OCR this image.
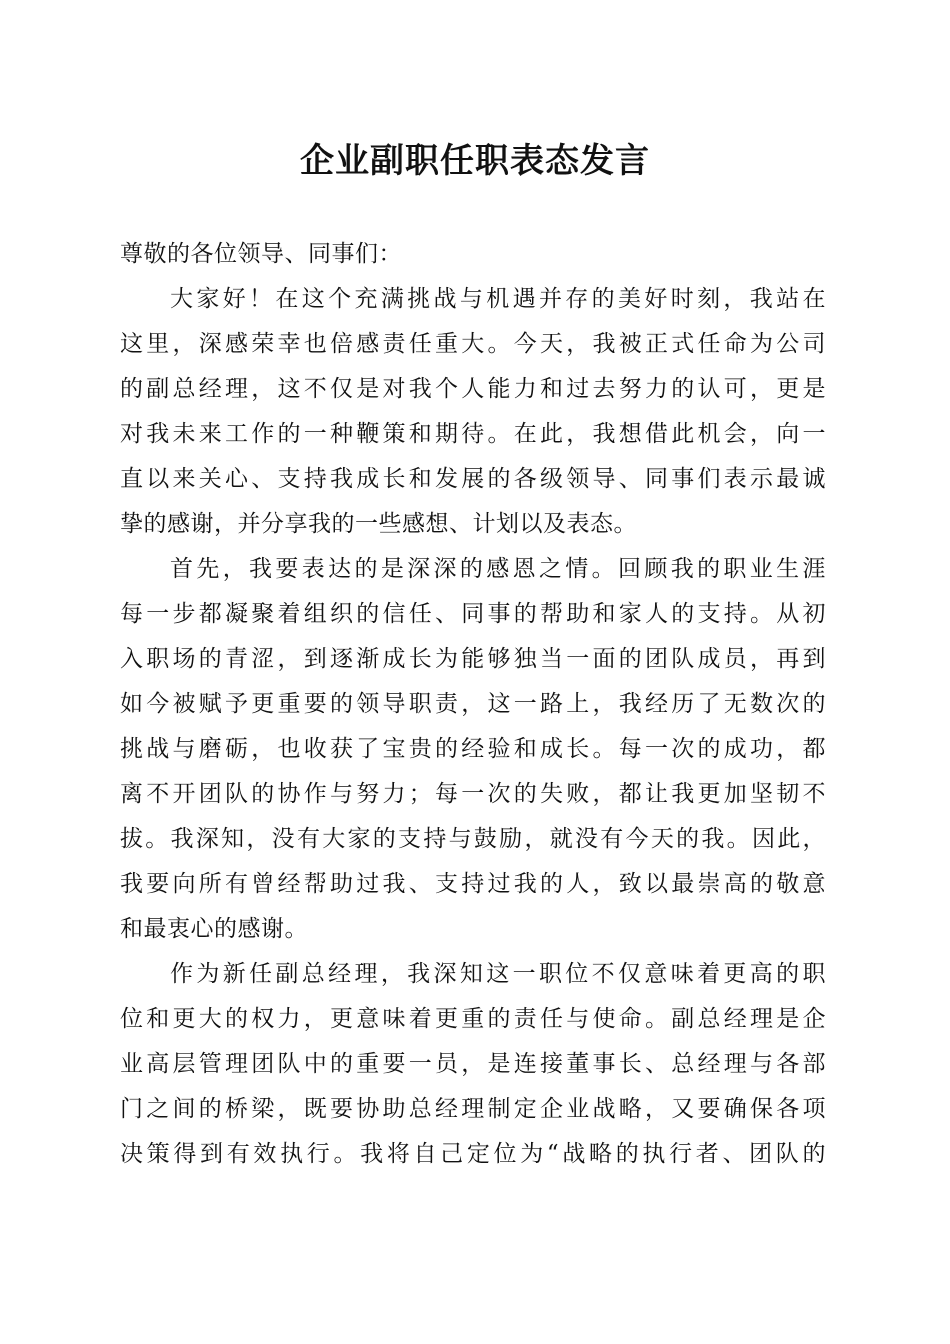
企业副职任职表态发言
尊敬的各位领导、同事们：
大家好！在这个充满挑战与机遇并存的美好时刻，我站在
这里，深感荣幸也倍感责任重大。今天，我被正式任命为公司
的副总经理，这不仅是对我个人能力和过去努力的认可，更是
对我未来工作的一种鞭策和期待。在此，我想借此机会，向一
直以来关心、支持我成长和发展的各级领导、同事们表示最诚
挚的感谢，并分享我的一些感想、计划以及表态。
首先，我要表达的是深深的感恩之情。回顾我的职业生涯
每一步都凝聚着组织的信任、同事的帮助和家人的支持。从初
入职场的青涩，到逐渐成长为能够独当一面的团队成员，再到
如今被赋予更重要的领导职责，这一路上，我经历了无数次的
挑战与磨砺，也收获了宝贵的经验和成长。每一次的成功，都
离不开团队的协作与努力；每一次的失败，都让我更加坚韧不
拔。我深知，没有大家的支持与鼓励，就没有今天的我。因此，
我要向所有曾经帮助过我、支持过我的人，致以最崇高的敬意
和最衷心的感谢。
作为新任副总经理，我深知这一职位不仅意味着更高的职
位和更大的权力，更意味着更重的责任与使命。副总经理是企
业高层管理团队中的重要一员，是连接董事长、总经理与各部
门之间的桥梁，既要协助总经理制定企业战略，又要确保各项
决策得到有效执行。我将自己定位为“战略的执行者、团队的
